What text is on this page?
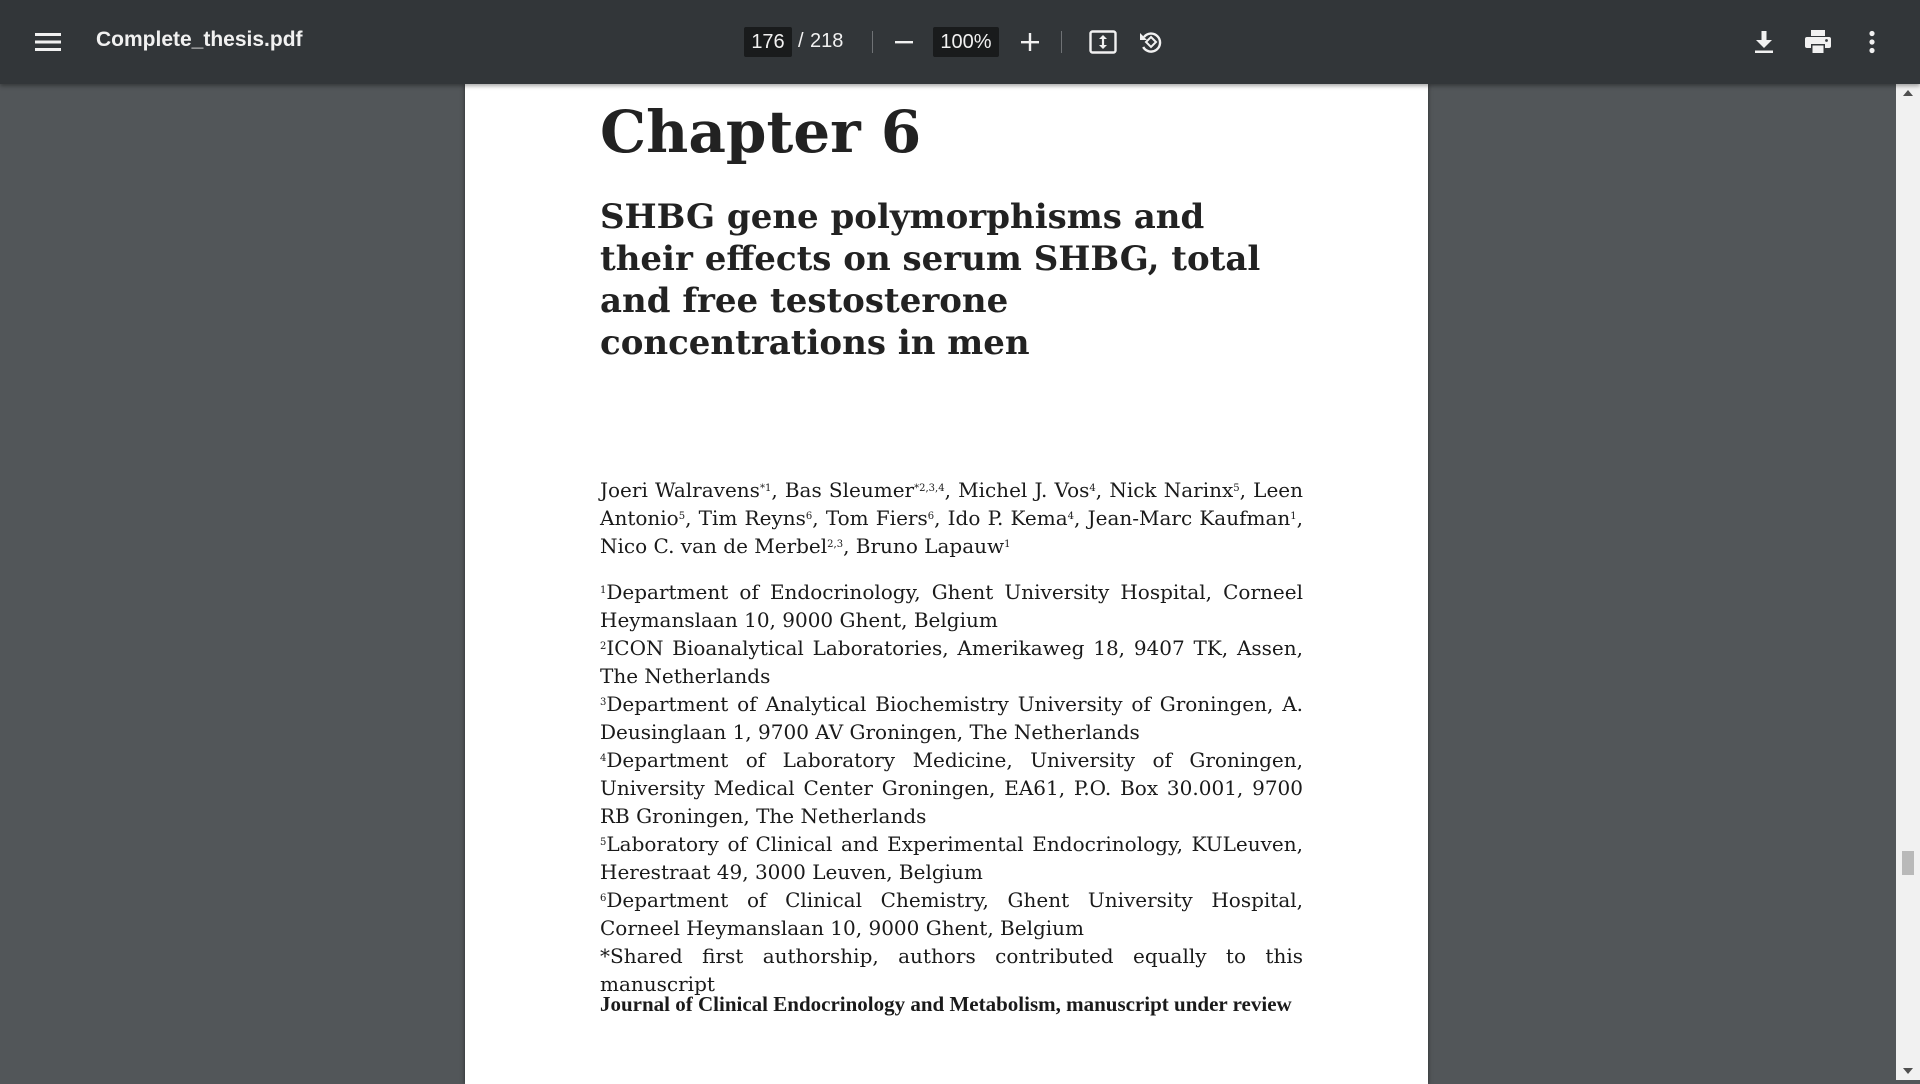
Complete_thesis.pdf
176	/ 218
100%
Chapter 6
SHBG gene polymorphisms and their effects on serum SHBG, total and free testosterone concentrations in men
Joeri Walravens$^{*1}$, Bas Sleumer$^{*2,3,4}$, Michel J. Vos$^4$, Nick Narinx$^5$, Leen Antonio$^5$, Tim Reyns$^6$, Tom Fiers$^6$, Ido P. Kema$^4$, Jean-Marc Kaufman$^1$, Nico C. van de Merbel$^{2,3}$, Bruno Lapauw$^1$

$^1$Department of Endocrinology, Ghent University Hospital, Corneel Heymanslaan 10, 9000 Ghent, Belgium

$^2$ICON Bioanalytical Laboratories, Amerikaweg 18, 9407 TK, Assen, The Netherlands

$^3$Department of Analytical Biochemistry University of Groningen, A. Deusinglaan 1, 9700 AV Groningen, The Netherlands

$^4$Department of Laboratory Medicine, University of Groningen, University Medical Center Groningen, EA61, P.O. Box 30.001, 9700 RB Groningen, The Netherlands

$^5$Laboratory of Clinical and Experimental Endocrinology, KULeuven, Herestraat 49, 3000 Leuven, Belgium

$^6$Department of Clinical Chemistry, Ghent University Hospital, Corneel Heymanslaan 10, 9000 Ghent, Belgium

*Shared first authorship, authors contributed equally to this manuscript

Journal of Clinical Endocrinology and Metabolism, manuscript under review
